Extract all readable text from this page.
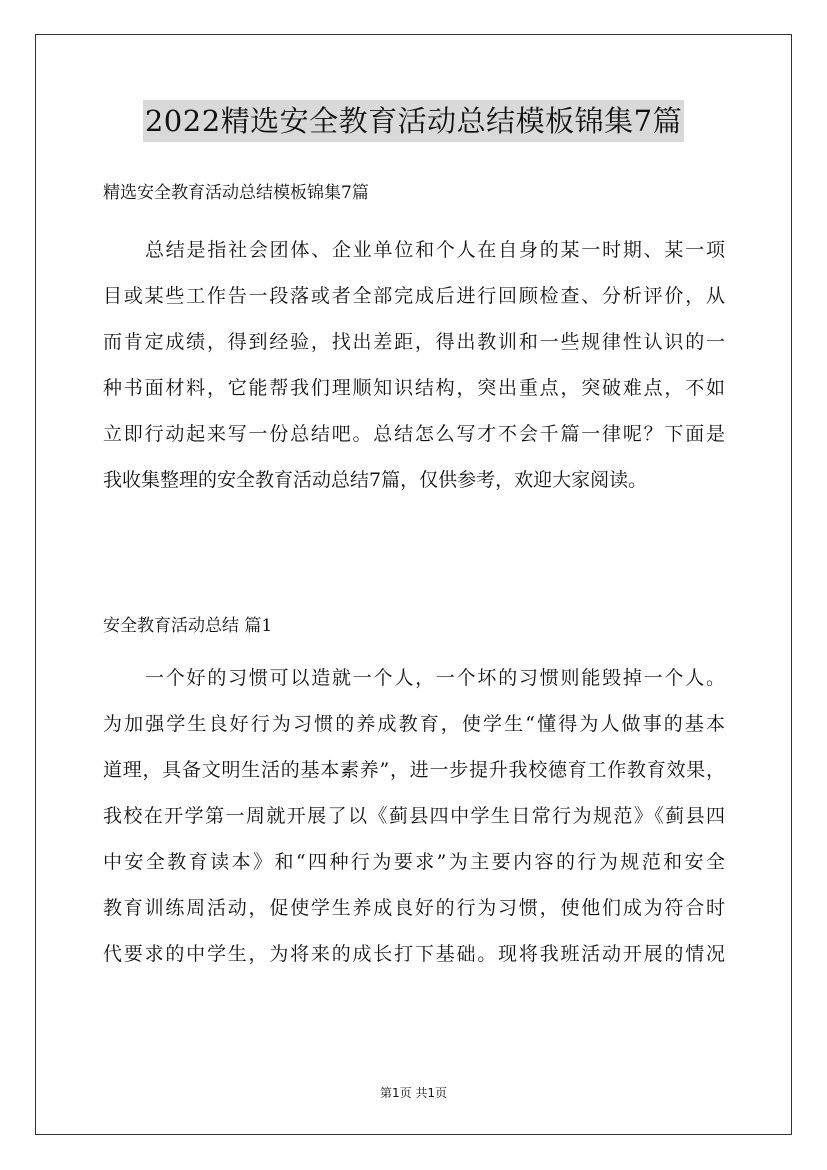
2022精选安全教育活动总结模板锦集7篇
精选安全教育活动总结模板锦集7篇
总结是指社会团体、企业单位和个人在自身的某一时期、某一项
目或某些工作告一段落或者全部完成后进行回顾检查、分析评价，从
而肯定成绩，得到经验，找出差距，得出教训和一些规律性认识的一
种书面材料，它能帮我们理顺知识结构，突出重点，突破难点，不如
立即行动起来写一份总结吧。总结怎么写才不会千篇一律呢？下面是
我收集整理的安全教育活动总结7篇，仅供参考，欢迎大家阅读。
安全教育活动总结 篇1
一个好的习惯可以造就一个人，一个坏的习惯则能毁掉一个人。
为加强学生良好行为习惯的养成教育，使学生“懂得为人做事的基本
道理，具备文明生活的基本素养”，进一步提升我校德育工作教育效果，
我校在开学第一周就开展了以《蓟县四中学生日常行为规范》《蓟县四
中安全教育读本》和“四种行为要求”为主要内容的行为规范和安全
教育训练周活动，促使学生养成良好的行为习惯，使他们成为符合时
代要求的中学生，为将来的成长打下基础。现将我班活动开展的情况
第1页 共1页
